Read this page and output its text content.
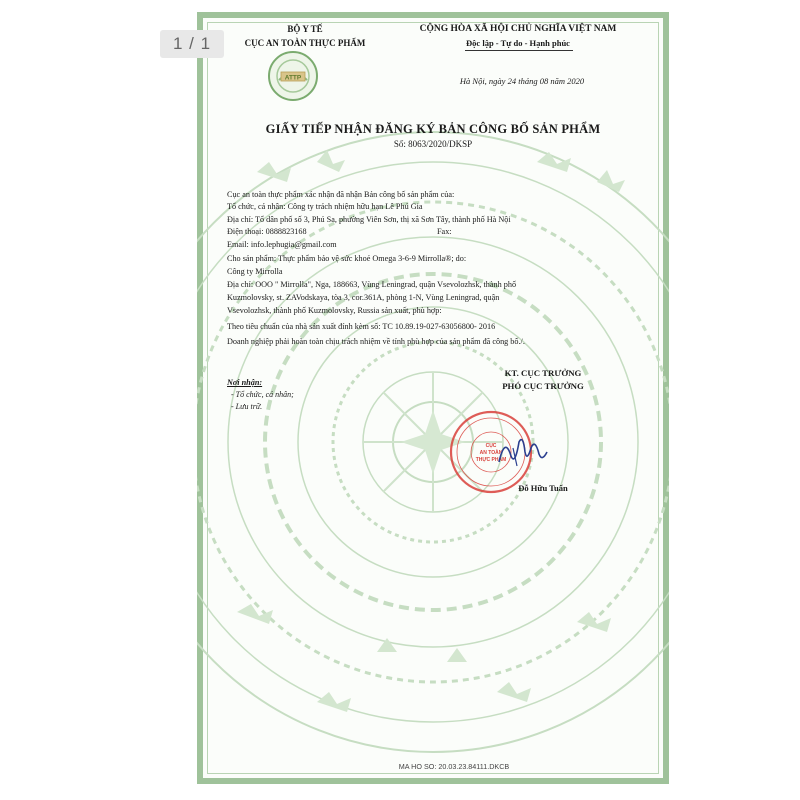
1 / 1
ATTP
BỘ Y TẾ
CỤC AN TOÀN THỰC PHẨM
CỘNG HÒA XÃ HỘI CHỦ NGHĨA VIỆT NAM
Độc lập - Tự do - Hạnh phúc
Hà Nội, ngày 24 tháng 08 năm 2020
GIẤY TIẾP NHẬN ĐĂNG KÝ BẢN CÔNG BỐ SẢN PHẨM
Số: 8063/2020/DKSP
Cục an toàn thực phẩm xác nhận đã nhận Bản công bố sản phẩm của:
Tổ chức, cá nhân: Công ty trách nhiệm hữu hạn Lê Phú Gia
Địa chỉ: Tổ dân phố số 3, Phú Sa, phường Viên Sơn, thị xã Sơn Tây, thành phố Hà Nội
Điện thoại: 0888823168	Fax:
Email: info.lephugia@gmail.com
Cho sản phẩm: Thực phẩm bảo vệ sức khoẻ Omega 3-6-9 Mirrolla®; do:
Công ty Mirrolla
Địa chỉ: OOO " Mirrolla", Nga, 188663, Vùng Leningrad, quận Vsevolozhsk, thành phố
Kuzmolovsky, st. ZAVodskaya, tòa 3, cor.361A, phòng 1-N, Vùng Leningrad, quận
Vsevolozhsk, thành phố Kuzmolovsky, Russia sản xuất, phù hợp:
Theo tiêu chuẩn của nhà sản xuất đính kèm số: TC 10.89.19-027-63056800- 2016
Doanh nghiệp phải hoàn toàn chịu trách nhiệm về tính phù hợp của sản phẩm đã công bố./.
Nơi nhận:
- Tổ chức, cá nhân;
- Lưu trữ.
KT. CỤC TRƯỞNG
PHÓ CỤC TRƯỞNG
CỤC
AN TOÀN
THỰC PHẨM
Đỗ Hữu Tuấn
MA HO SO: 20.03.23.84111.DKCB
